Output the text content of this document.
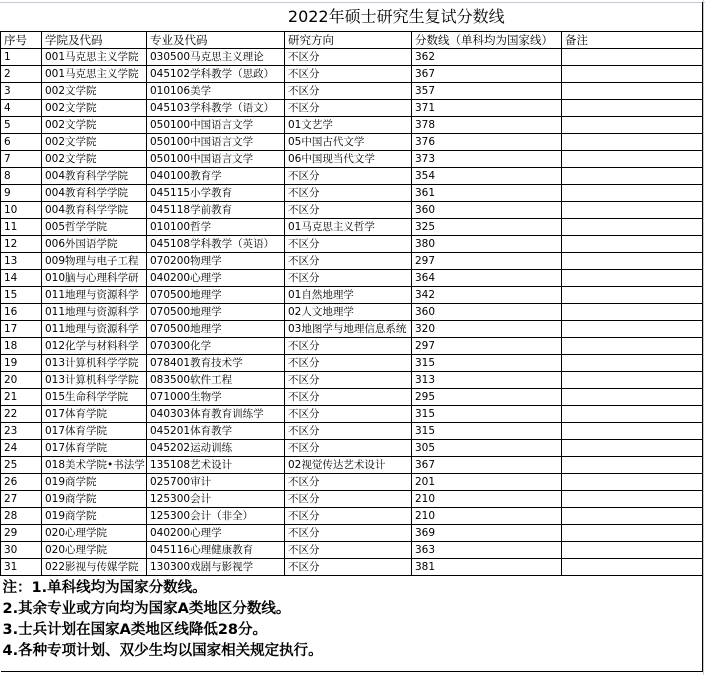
2022年硕士研究生复试分数线					
序号	学院及代码	专业及代码	研究方向	分数线（单科均为国家线）	备注
1	001马克思主义学院	030500马克思主义理论	不区分	362	
2	001马克思主义学院	045102学科教学（思政）	不区分	367	
3	002文学院	010106美学	不区分	357	
4	002文学院	045103学科教学（语文）	不区分	371	
5	002文学院	050100中国语言文学	01文艺学	378	
6	002文学院	050100中国语言文学	05中国古代文学	376	
7	002文学院	050100中国语言文学	06中国现当代文学	373	
8	004教育科学学院	040100教育学	不区分	354	
9	004教育科学学院	045115小学教育	不区分	361	
10	004教育科学学院	045118学前教育	不区分	360	
11	005哲学学院	010100哲学	01马克思主义哲学	325	
12	006外国语学院	045108学科教学（英语）	不区分	380	
13	009物理与电子工程	070200物理学	不区分	297	
14	010脑与心理科学研	040200心理学	不区分	364	
15	011地理与资源科学	070500地理学	01自然地理学	342	
16	011地理与资源科学	070500地理学	02人文地理学	360	
17	011地理与资源科学	070500地理学	03地图学与地理信息系统	320	
18	012化学与材料科学	070300化学	不区分	297	
19	013计算机科学学院	078401教育技术学	不区分	315	
20	013计算机科学学院	083500软件工程	不区分	313	
21	015生命科学学院	071000生物学	不区分	295	
22	017体育学院	040303体育教育训练学	不区分	315	
23	017体育学院	045201体育教学	不区分	315	
24	017体育学院	045202运动训练	不区分	305	
25	018美术学院•书法学	135108艺术设计	02视觉传达艺术设计	367	
26	019商学院	025700审计	不区分	201	
27	019商学院	125300会计	不区分	210	
28	019商学院	125300会计（非全）	不区分	210	
29	020心理学院	040200心理学	不区分	369	
30	020心理学院	045116心理健康教育	不区分	363	
31	022影视与传媒学院	130300戏剧与影视学	不区分	381	

注：1.单科线均为国家分数线。
2.其余专业或方向均为国家A类地区分数线。
3.士兵计划在国家A类地区线降低28分。
4.各种专项计划、双少生均以国家相关规定执行。					
